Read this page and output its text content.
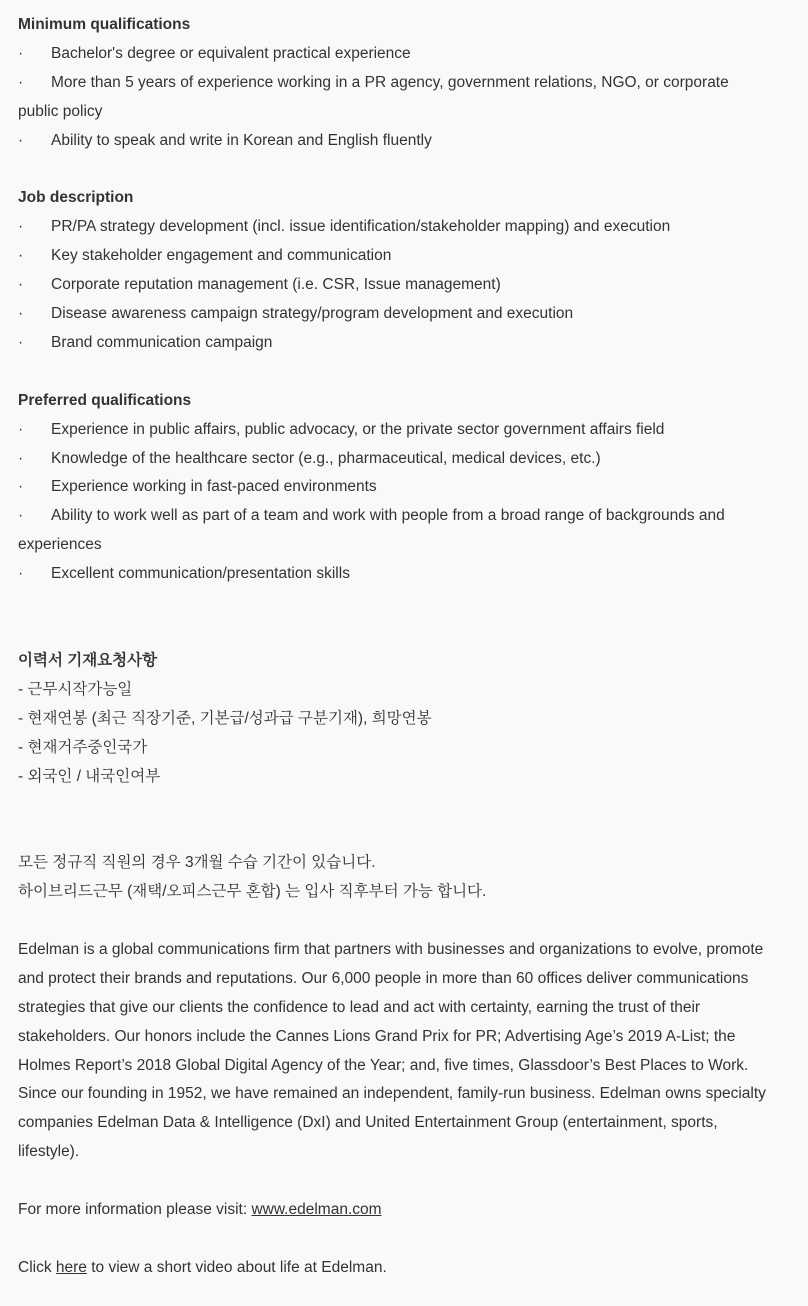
Minimum qualifications

· Bachelor's degree or equivalent practical experience

· More than 5 years of experience working in a PR agency, government relations, NGO, or corporate

public policy

· Ability to speak and write in Korean and English fluently

Job description

· PR/PA strategy development (incl. issue identification/stakeholder mapping) and execution

· Key stakeholder engagement and communication

· Corporate reputation management (i.e. CSR, Issue management)

· Disease awareness campaign strategy/program development and execution

· Brand communication campaign

Preferred qualifications

· Experience in public affairs, public advocacy, or the private sector government affairs field

· Knowledge of the healthcare sector (e.g., pharmaceutical, medical devices, etc.)

· Experience working in fast-paced environments

· Ability to work well as part of a team and work with people from a broad range of backgrounds and

experiences

· Excellent communication/presentation skills

이력서 기재요청사항

- 근무시작가능일

- 현재연봉 (최근 직장기준, 기본급/성과급 구분기재), 희망연봉

- 현재거주중인국가

- 외국인 / 내국인여부

모든 정규직 직원의 경우 3개월 수습 기간이 있습니다.

하이브리드근무 (재택/오피스근무 혼합) 는 입사 직후부터 가능 합니다.

Edelman is a global communications firm that partners with businesses and organizations to evolve, promote

and protect their brands and reputations. Our 6,000 people in more than 60 offices deliver communications

strategies that give our clients the confidence to lead and act with certainty, earning the trust of their

stakeholders. Our honors include the Cannes Lions Grand Prix for PR; Advertising Age’s 2019 A-List; the

Holmes Report’s 2018 Global Digital Agency of the Year; and, five times, Glassdoor’s Best Places to Work.

Since our founding in 1952, we have remained an independent, family-run business. Edelman owns specialty

companies Edelman Data & Intelligence (DxI) and United Entertainment Group (entertainment, sports,

lifestyle).

For more information please visit: www.edelman.com

Click here to view a short video about life at Edelman.
